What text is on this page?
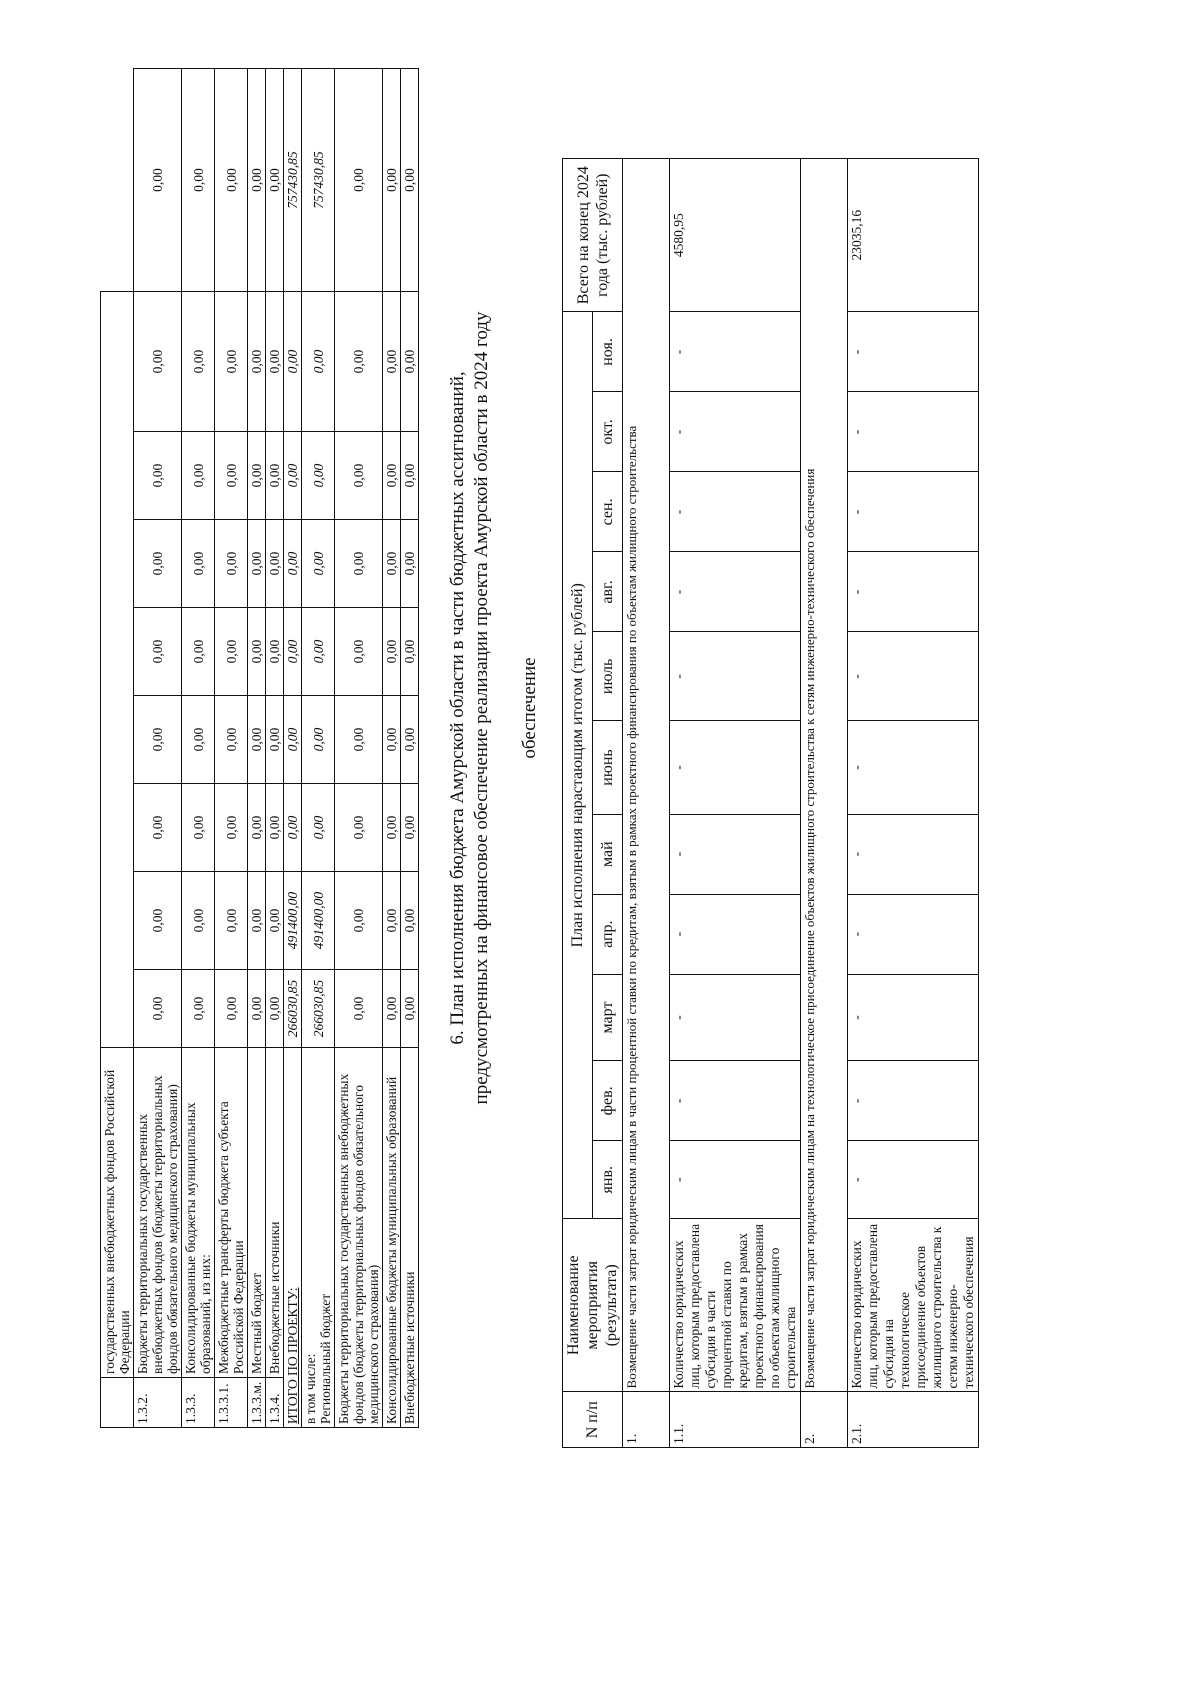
	государственных внебюджетных фондов Российской Федерации									
1.3.2.	Бюджеты территориальных государственных внебюджетных фондов (бюджеты территориальных фондов обязательного медицинского страхования)	0,00	0,00	0,00	0,00	0,00	0,00	0,00	0,00	0,00
1.3.3.	Консолидированные бюджеты муниципальных образований, из них:	0,00	0,00	0,00	0,00	0,00	0,00	0,00	0,00	0,00
1.3.3.1.	Межбюджетные трансферты бюджета субъекта Российской Федерации	0,00	0,00	0,00	0,00	0,00	0,00	0,00	0,00	0,00
1.3.3.м.	Местный бюджет	0,00	0,00	0,00	0,00	0,00	0,00	0,00	0,00	0,00
1.3.4.	Внебюджетные источники	0,00	0,00	0,00	0,00	0,00	0,00	0,00	0,00	0,00
ИТОГО ПО ПРОЕКТУ:		266030,85	491400,00	0,00	0,00	0,00	0,00	0,00	0,00	757430,85

в том числе: Региональный бюджет		266030,85	491400,00	0,00	0,00	0,00	0,00	0,00	0,00	757430,85
Бюджеты территориальных государственных внебюджетных фондов (бюджеты территориальных фондов обязательного медицинского страхования)		0,00	0,00	0,00	0,00	0,00	0,00	0,00	0,00	0,00
Консолидированные бюджеты муниципальных образований		0,00	0,00	0,00	0,00	0,00	0,00	0,00	0,00	0,00
Внебюджетные источники		0,00	0,00	0,00	0,00	0,00	0,00	0,00	0,00	0,00
6. План исполнения бюджета Амурской области в части бюджетных ассигнований, предусмотренных на финансовое обеспечение реализации проекта Амурской области в 2024 году обеспечение
N п/п	Наименование мероприятия (результата)	План исполнения нарастающим итогом (тыс. рублей)											Всего на конец 2024 года (тыс. рублей)
		янв.	фев.	март	апр.	май	июнь	июль	авг.	сен.	окт.	ноя.	
1.	Возмещение части затрат юридическим лицам в части процентной ставки по кредитам, взятым в рамках проектного финансирования по объектам жилищного строительства												
1.1.	Количество юридических лиц, которым предоставлена субсидия в части процентной ставки по кредитам, взятым в рамках проектного финансирования по объектам жилищного строительства	-	-	-	-	-	-	-	-	-	-	-	4580,95
2.	Возмещение части затрат юридическим лицам на технологическое присоединение объектов жилищного строительства к сетям инженерно-технического обеспечения												
2.1.	Количество юридических лиц, которым предоставлена субсидия на технологическое присоединение объектов жилищного строительства к сетям инженерно-технического обеспечения	-	-	-	-	-	-	-	-	-	-	-	23035,16
